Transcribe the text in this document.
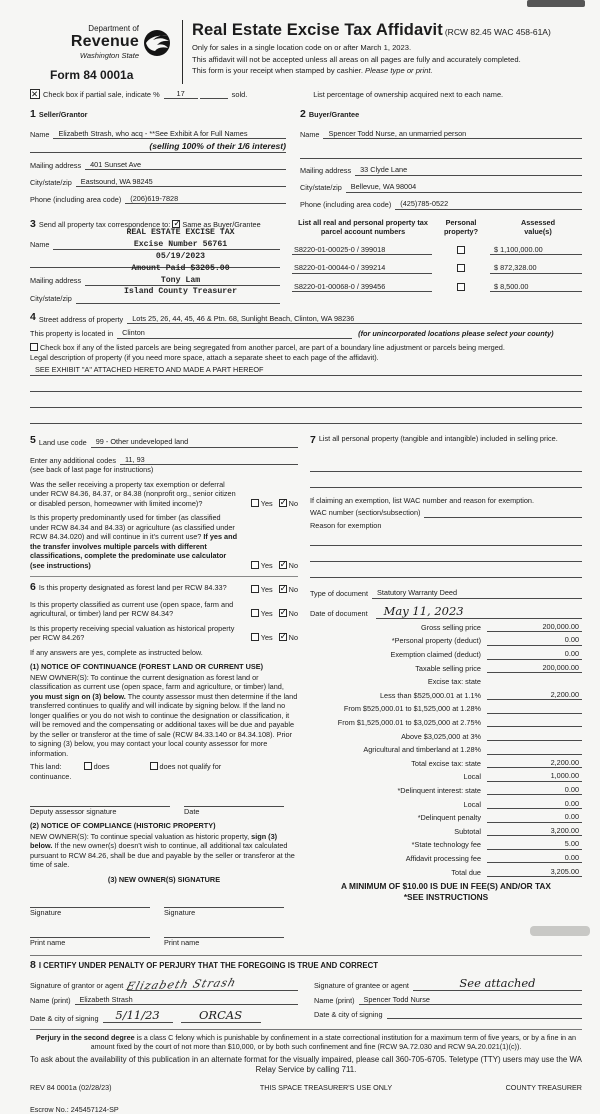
Department of
Revenue
Washington State
Form 84 0001a
Real Estate Excise Tax Affidavit (RCW 82.45 WAC 458-61A)
Only for sales in a single location code on or after March 1, 2023.
This affidavit will not be accepted unless all areas on all pages are fully and accurately completed.
This form is your receipt when stamped by cashier. Please type or print.
✕
Check box if partial sale, indicate %	17	sold.	List percentage of ownership acquired next to each name.
1 Seller/Grantor
Name	Elizabeth Strash, who acq - **See Exhibit A for Full Names
(selling 100% of their 1/6 interest)
Mailing address	401 Sunset Ave
City/state/zip	Eastsound, WA 98245
Phone (including area code)	(206)619-7828
2 Buyer/Grantee
Name	Spencer Todd Nurse, an unmarried person
Mailing address	33 Clyde Lane
City/state/zip	Bellevue, WA 98004
Phone (including area code)	(425)785-0522
3 Send all property tax correspondence to: ✓ Same as Buyer/Grantee
REAL ESTATE EXCISE TAX
Excise Number 56761
05/19/2023
Amount Paid $3205.00
Tony Lam
Island County Treasurer
Name
Mailing address
City/state/zip
List all real and personal property tax
parcel account numbers
Personal
property?
Assessed
value(s)
S8220-01-00025-0 / 399018	$ 1,100,000.00
S8220-01-00044-0 / 399214	$ 872,328.00
S8220-01-00068-0 / 399456	$ 8,500.00
4 Street address of property	Lots 25, 26, 44, 45, 46 & Ptn. 68, Sunlight Beach, Clinton, WA 98236
This property is located in	Clinton	(for unincorporated locations please select your county)
Check box if any of the listed parcels are being segregated from another parcel, are part of a boundary line adjustment or parcels being merged.
Legal description of property (if you need more space, attach a separate sheet to each page of the affidavit).
SEE EXHIBIT "A" ATTACHED HERETO AND MADE A PART HEREOF
5 Land use code	99 - Other undeveloped land
Enter any additional codes	11, 93
(see back of last page for instructions)
Was the seller receiving a property tax exemption or deferral under RCW 84.36, 84.37, or 84.38 (nonprofit org., senior citizen or disabled person, homeowner with limited income)?	Yes ✓ No
Is this property predominantly used for timber (as classified under RCW 84.34 and 84.33) or agriculture (as classified under RCW 84.34.020) and will continue in it's current use? If yes and the transfer involves multiple parcels with different classifications, complete the predominate use calculator (see instructions)	Yes ✓ No
6 Is this property designated as forest land per RCW 84.33?	Yes ✓ No
Is this property classified as current use (open space, farm and agricultural, or timber) land per RCW 84.34?	Yes ✓ No
Is this property receiving special valuation as historical property per RCW 84.26?	Yes ✓ No
If any answers are yes, complete as instructed below.
(1) NOTICE OF CONTINUANCE (FOREST LAND OR CURRENT USE)
NEW OWNER(S): To continue the current designation as forest land or classification as current use (open space, farm and agriculture, or timber) land, you must sign on (3) below. The county assessor must then determine if the land transferred continues to qualify and will indicate by signing below. If the land no longer qualifies or you do not wish to continue the designation or classification, it will be removed and the compensating or additional taxes will be due and payable by the seller or transferor at the time of sale (RCW 84.33.140 or 84.34.108). Prior to signing (3) below, you may contact your local county assessor for more information.
This land:	does	does not qualify for
continuance.
Deputy assessor signature	Date
(2) NOTICE OF COMPLIANCE (HISTORIC PROPERTY)
NEW OWNER(S): To continue special valuation as historic property, sign (3) below. If the new owner(s) doesn't wish to continue, all additional tax calculated pursuant to RCW 84.26, shall be due and payable by the seller or transferor at the time of sale.
(3) NEW OWNER(S) SIGNATURE
Signature	Signature
Print name	Print name
7 List all personal property (tangible and intangible) included in selling price.
If claiming an exemption, list WAC number and reason for exemption.
WAC number (section/subsection)
Reason for exemption
Type of document	Statutory Warranty Deed
Date of document	May 11, 2023
Gross selling price	200,000.00
*Personal property (deduct)	0.00
Exemption claimed (deduct)	0.00
Taxable selling price	200,000.00
Excise tax: state
Less than $525,000.01 at 1.1%	2,200.00
From $525,000.01 to $1,525,000 at 1.28%
From $1,525,000.01 to $3,025,000 at 2.75%
Above $3,025,000 at 3%
Agricultural and timberland at 1.28%
Total excise tax: state	2,200.00
Local	1,000.00
*Delinquent interest: state	0.00
Local	0.00
*Delinquent penalty	0.00
Subtotal	3,200.00
*State technology fee	5.00
Affidavit processing fee	0.00
Total due	3,205.00
A MINIMUM OF $10.00 IS DUE IN FEE(S) AND/OR TAX
*SEE INSTRUCTIONS
8 I CERTIFY UNDER PENALTY OF PERJURY THAT THE FOREGOING IS TRUE AND CORRECT
Signature of grantor or agent Elizabeth Strash
Name (print)	Elizabeth Strash
Date & city of signing	5/11/23	ORCAS
Signature of grantee or agent	See attached
Name (print)	Spencer Todd Nurse
Date & city of signing
Perjury in the second degree is a class C felony which is punishable by confinement in a state correctional institution for a maximum term of five years, or by a fine in an amount fixed by the court of not more than $10,000, or by both such confinement and fine (RCW 9A.72.030 and RCW 9A.20.021(1)(c)).
To ask about the availability of this publication in an alternate format for the visually impaired, please call 360-705-6705. Teletype (TTY) users may use the WA Relay Service by calling 711.
REV 84 0001a (02/28/23)	THIS SPACE TREASURER'S USE ONLY	COUNTY TREASURER
Escrow No.: 245457124-SP
